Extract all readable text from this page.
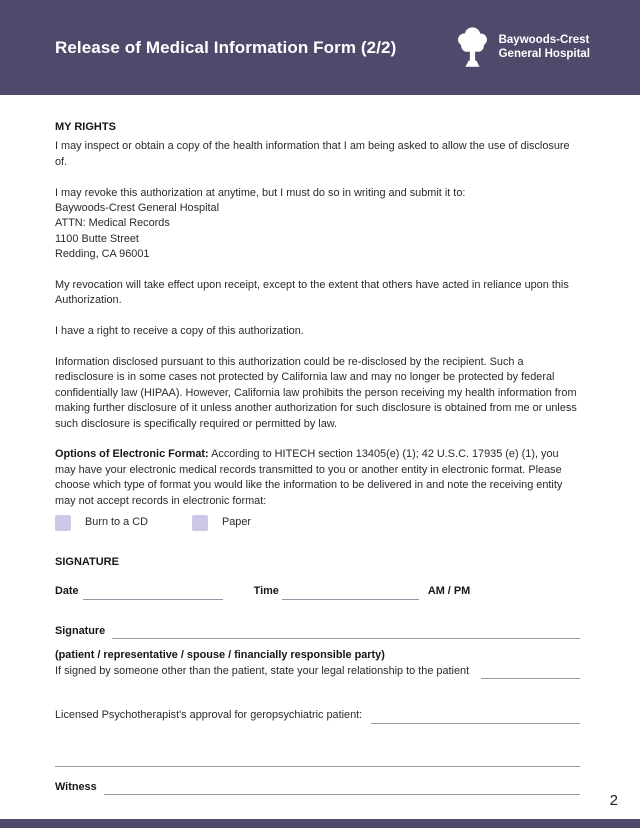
Release of Medical Information Form (2/2)	Baywoods-Crest
General Hospital
MY RIGHTS

I may inspect or obtain a copy of the health information that I am being asked to allow the use of disclosure of.

I may revoke this authorization at anytime, but I must do so in writing and submit it to:
Baywoods-Crest General Hospital
ATTN: Medical Records
1100 Butte Street
Redding, CA 96001

My revocation will take effect upon receipt, except to the extent that others have acted in reliance upon this Authorization.

I have a right to receive a copy of this authorization.

Information disclosed pursuant to this authorization could be re-disclosed by the recipient. Such a redisclosure is in some cases not protected by California law and may no longer be protected by federal confidentially law (HIPAA). However, California law prohibits the person receiving my health information from making further disclosure of it unless another authorization for such disclosure is obtained from me or unless such disclosure is specifically required or permitted by law.

Options of Electronic Format: According to HITECH section 13405(e) (1); 42 U.S.C. 17935 (e) (1), you may have your electronic medical records transmitted to you or another entity in electronic format. Please choose which type of format you would like the information to be delivered in and note the receiving entity may not accept records in electronic format:

Burn to a CD	Paper
SIGNATURE
Date	Time	AM / PM
Signature

(patient / representative / spouse / financially responsible party)

If signed by someone other than the patient, state your legal relationship to the patient
Licensed Psychotherapist's approval for geropsychiatric patient:
Witness
2
